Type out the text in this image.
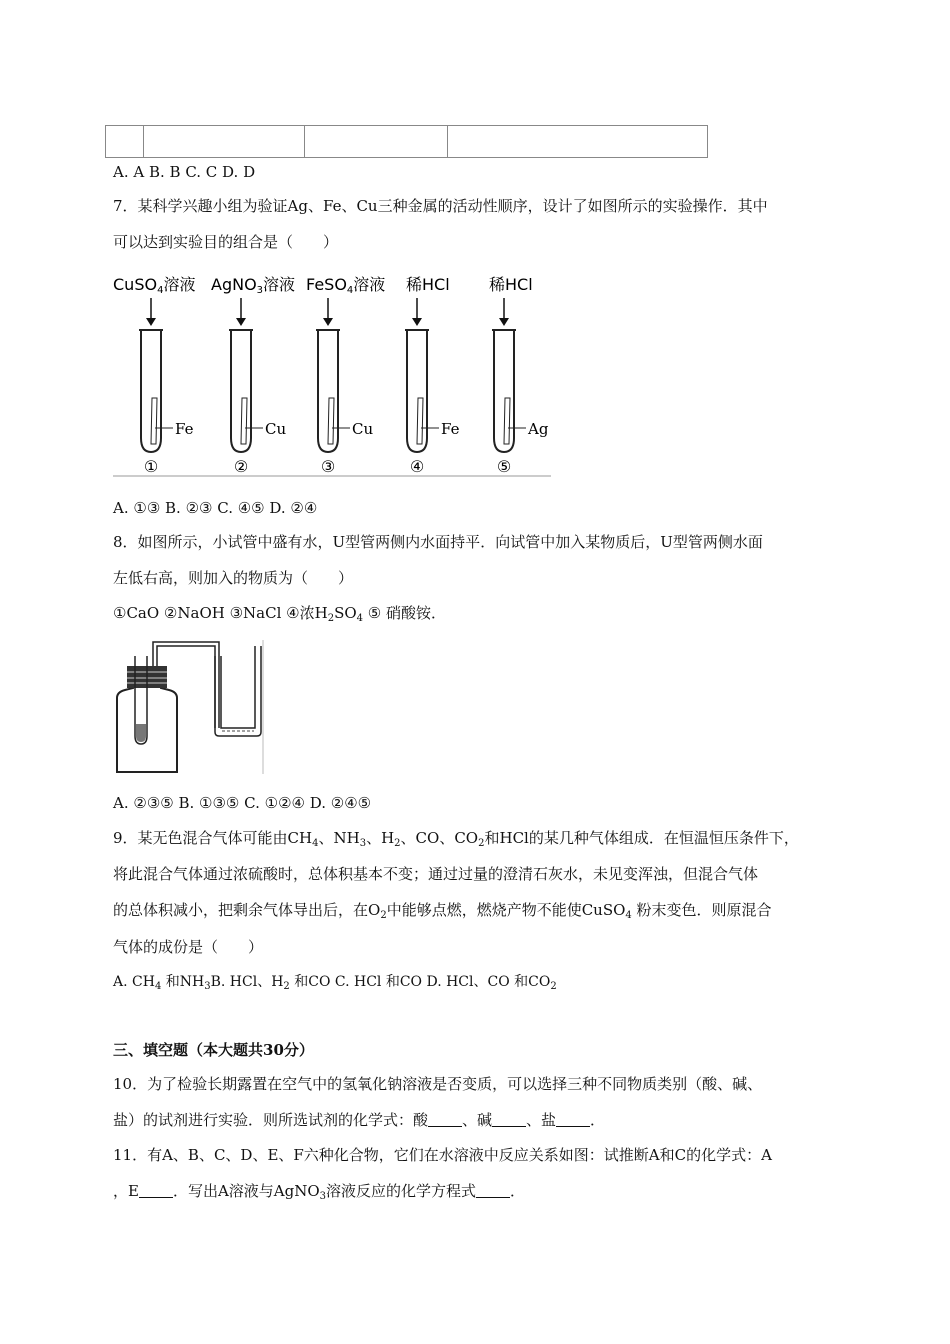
A. A B. B C. C D. D
7．某科学兴趣小组为验证Ag、Fe、Cu三种金属的活动性顺序，设计了如图所示的实验操作．其中
可以达到实验目的组合是（　　）
CuSO4溶液
Fe
①
AgNO3溶液
Cu
②
FeSO4溶液
Cu
③
稀HCl
Fe
④
稀HCl
Ag
⑤
A. ①③ B. ②③ C. ④⑤ D. ②④
8．如图所示，小试管中盛有水，U型管两侧内水面持平．向试管中加入某物质后，U型管两侧水面
左低右高，则加入的物质为（　　）
①CaO ②NaOH ③NaCl ④浓$H_2SO_4$ ⑤ 硝酸铵．
A. ②③⑤ B. ①③⑤ C. ①②④ D. ②④⑤
9．某无色混合气体可能由$CH_4$、$NH_3$、$H_2$、CO、$CO_2$和HCl的某几种气体组成．在恒温恒压条件下，
将此混合气体通过浓硫酸时，总体积基本不变；通过过量的澄清石灰水，未见变浑浊，但混合气体
的总体积减小，把剩余气体导出后，在$O_2$中能够点燃，燃烧产物不能使CuSO$_4$ 粉末变色．则原混合
气体的成份是（　　）
A. $CH_4$ 和$NH_3B$. HCl、$H_2$ 和CO C. HCl 和CO D. HCl、CO 和$CO_2$
三、填空题（本大题共30分）
10．为了检验长期露置在空气中的氢氧化钠溶液是否变质，可以选择三种不同物质类别（酸、碱、
盐）的试剂进行实验．则所选试剂的化学式：酸 、碱 、盐 ．
11．有A、B、C、D、E、F六种化合物，它们在水溶液中反应关系如图：试推断A和C的化学式：A
，E ．写出A溶液与AgNO$_3$溶液反应的化学方程式 ．
